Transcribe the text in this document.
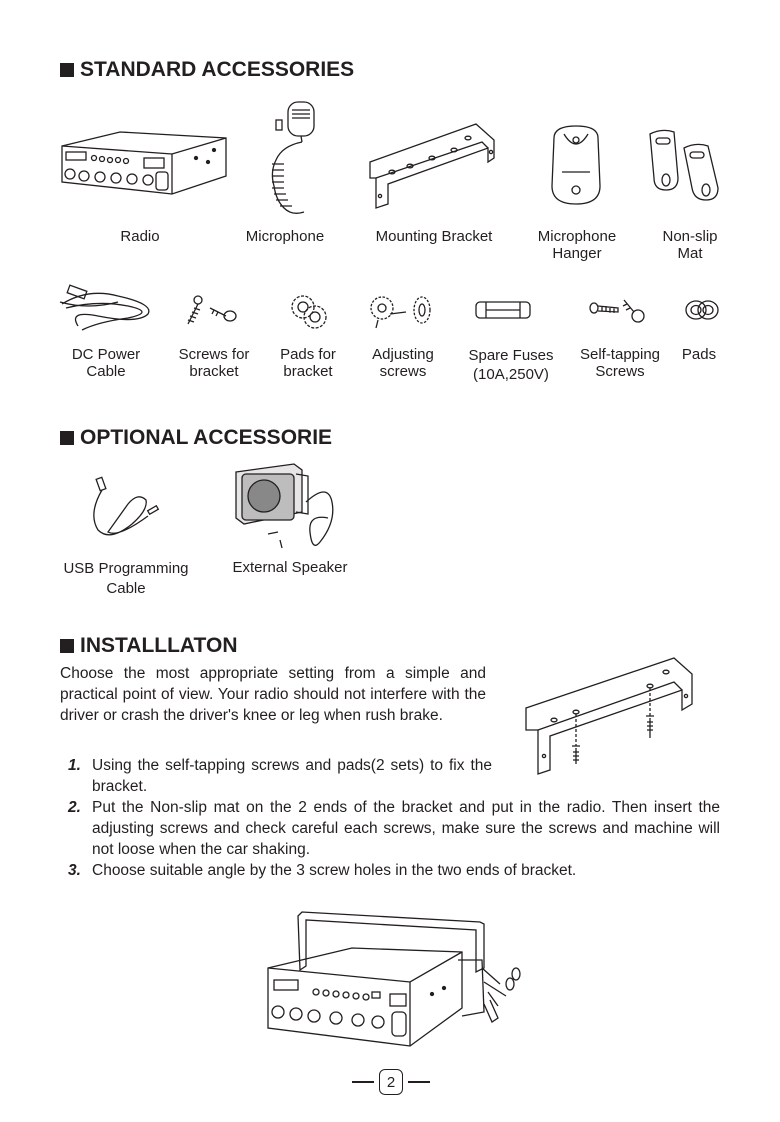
STANDARD ACCESSORIES
Radio	Microphone	Mounting Bracket	Microphone
Hanger
Non-slip
Mat
DC Power
Cable
Screws for
bracket
Pads for
bracket
Adjusting
screws
Spare Fuses
(10A,250V)
Self-tapping
Screws
Pads
OPTIONAL ACCESSORIE
USB Programming
Cable
External Speaker
INSTALLLATON
Choose the most appropriate setting from a simple and practical point of view. Your radio should not interfere with the driver or crash the driver's knee or leg when rush brake.
1. Using the self-tapping screws and pads(2 sets) to fix the bracket.
2. Put the Non-slip mat on the 2 ends of the bracket and put in the radio. Then insert the adjusting screws and check careful each screws, make sure the screws and machine will not loose when the car shaking.
3. Choose suitable angle by the 3 screw holes in the two ends of bracket.
2
